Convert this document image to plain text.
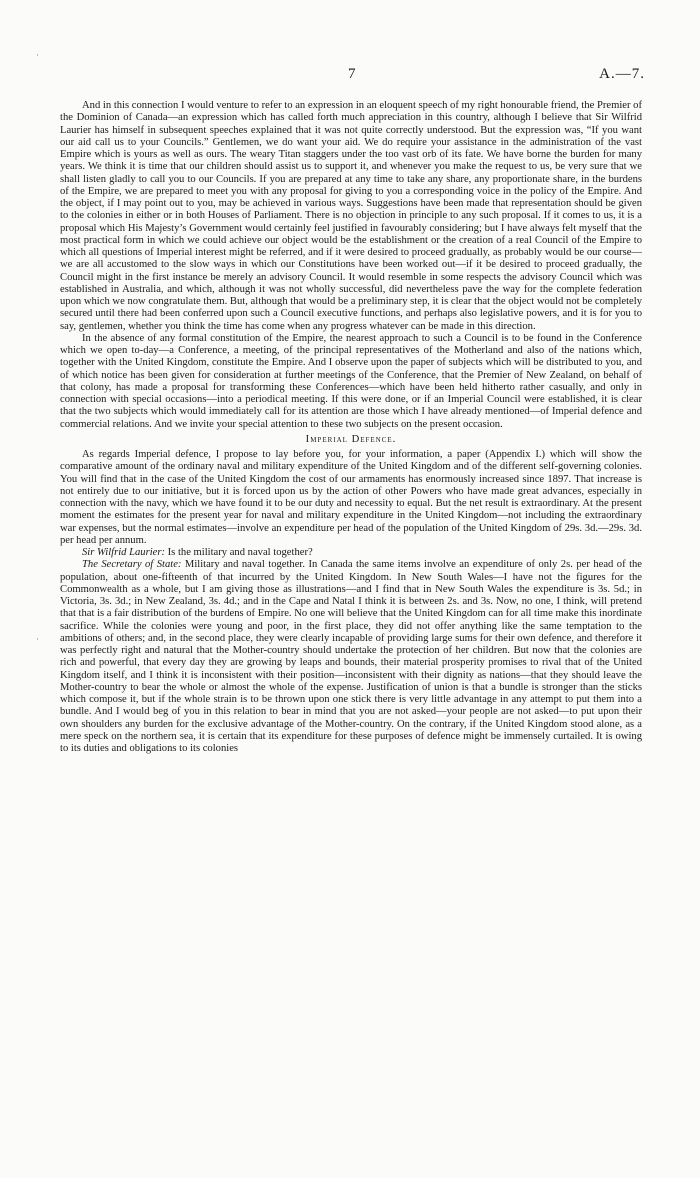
·
·
7	A.—7.

And in this connection I would venture to refer to an expression in an eloquent speech of my right honourable friend, the Premier of the Dominion of Canada—an expression which has called forth much appreciation in this country, although I believe that Sir Wilfrid Laurier has himself in subsequent speeches explained that it was not quite correctly understood. But the expression was, “If you want our aid call us to your Councils.” Gentlemen, we do want your aid. We do require your assistance in the administration of the vast Empire which is yours as well as ours. The weary Titan staggers under the too vast orb of its fate. We have borne the burden for many years. We think it is time that our children should assist us to support it, and whenever you make the request to us, be very sure that we shall listen gladly to call you to our Councils. If you are prepared at any time to take any share, any proportionate share, in the burdens of the Empire, we are prepared to meet you with any proposal for giving to you a corresponding voice in the policy of the Empire. And the object, if I may point out to you, may be achieved in various ways. Suggestions have been made that representation should be given to the colonies in either or in both Houses of Parliament. There is no objection in principle to any such proposal. If it comes to us, it is a proposal which His Majesty’s Government would certainly feel justified in favourably considering; but I have always felt myself that the most practical form in which we could achieve our object would be the establishment or the creation of a real Council of the Empire to which all questions of Imperial interest might be referred, and if it were desired to proceed gradually, as probably would be our course—we are all accustomed to the slow ways in which our Constitutions have been worked out—if it be desired to proceed gradually, the Council might in the first instance be merely an advisory Council. It would resemble in some respects the advisory Council which was established in Australia, and which, although it was not wholly successful, did nevertheless pave the way for the complete federation upon which we now congratulate them. But, although that would be a preliminary step, it is clear that the object would not be completely secured until there had been conferred upon such a Council executive functions, and perhaps also legislative powers, and it is for you to say, gentlemen, whether you think the time has come when any progress whatever can be made in this direction.

In the absence of any formal constitution of the Empire, the nearest approach to such a Council is to be found in the Conference which we open to-day—a Conference, a meeting, of the principal representatives of the Motherland and also of the nations which, together with the United Kingdom, constitute the Empire. And I observe upon the paper of subjects which will be distributed to you, and of which notice has been given for consideration at further meetings of the Conference, that the Premier of New Zealand, on behalf of that colony, has made a proposal for transforming these Conferences—which have been held hitherto rather casually, and only in connection with special occasions—into a periodical meeting. If this were done, or if an Imperial Council were established, it is clear that the two subjects which would immediately call for its attention are those which I have already mentioned—of Imperial defence and commercial relations. And we invite your special attention to these two subjects on the present occasion.

Imperial Defence.

As regards Imperial defence, I propose to lay before you, for your information, a paper (Appendix I.) which will show the comparative amount of the ordinary naval and military expenditure of the United Kingdom and of the different self-governing colonies. You will find that in the case of the United Kingdom the cost of our armaments has enormously increased since 1897. That increase is not entirely due to our initiative, but it is forced upon us by the action of other Powers who have made great advances, especially in connection with the navy, which we have found it to be our duty and necessity to equal. But the net result is extraordinary. At the present moment the estimates for the present year for naval and military expenditure in the United Kingdom—not including the extraordinary war expenses, but the normal estimates—involve an expenditure per head of the population of the United Kingdom of 29s. 3d.—29s. 3d. per head per annum.

Sir Wilfrid Laurier: Is the military and naval together?

The Secretary of State: Military and naval together. In Canada the same items involve an expenditure of only 2s. per head of the population, about one-fifteenth of that incurred by the United Kingdom. In New South Wales—I have not the figures for the Commonwealth as a whole, but I am giving those as illustrations—and I find that in New South Wales the expenditure is 3s. 5d.; in Victoria, 3s. 3d.; in New Zealand, 3s. 4d.; and in the Cape and Natal I think it is between 2s. and 3s. Now, no one, I think, will pretend that that is a fair distribution of the burdens of Empire. No one will believe that the United Kingdom can for all time make this inordinate sacrifice. While the colonies were young and poor, in the first place, they did not offer anything like the same temptation to the ambitions of others; and, in the second place, they were clearly incapable of providing large sums for their own defence, and therefore it was perfectly right and natural that the Mother-country should undertake the protection of her children. But now that the colonies are rich and powerful, that every day they are growing by leaps and bounds, their material prosperity promises to rival that of the United Kingdom itself, and I think it is inconsistent with their position—inconsistent with their dignity as nations—that they should leave the Mother-country to bear the whole or almost the whole of the expense. Justification of union is that a bundle is stronger than the sticks which compose it, but if the whole strain is to be thrown upon one stick there is very little advantage in any attempt to put them into a bundle. And I would beg of you in this relation to bear in mind that you are not asked—your people are not asked—to put upon their own shoulders any burden for the exclusive advantage of the Mother-country. On the contrary, if the United Kingdom stood alone, as a mere speck on the northern sea, it is certain that its expenditure for these purposes of defence might be immensely curtailed. It is owing to its duties and obligations to its colonies
